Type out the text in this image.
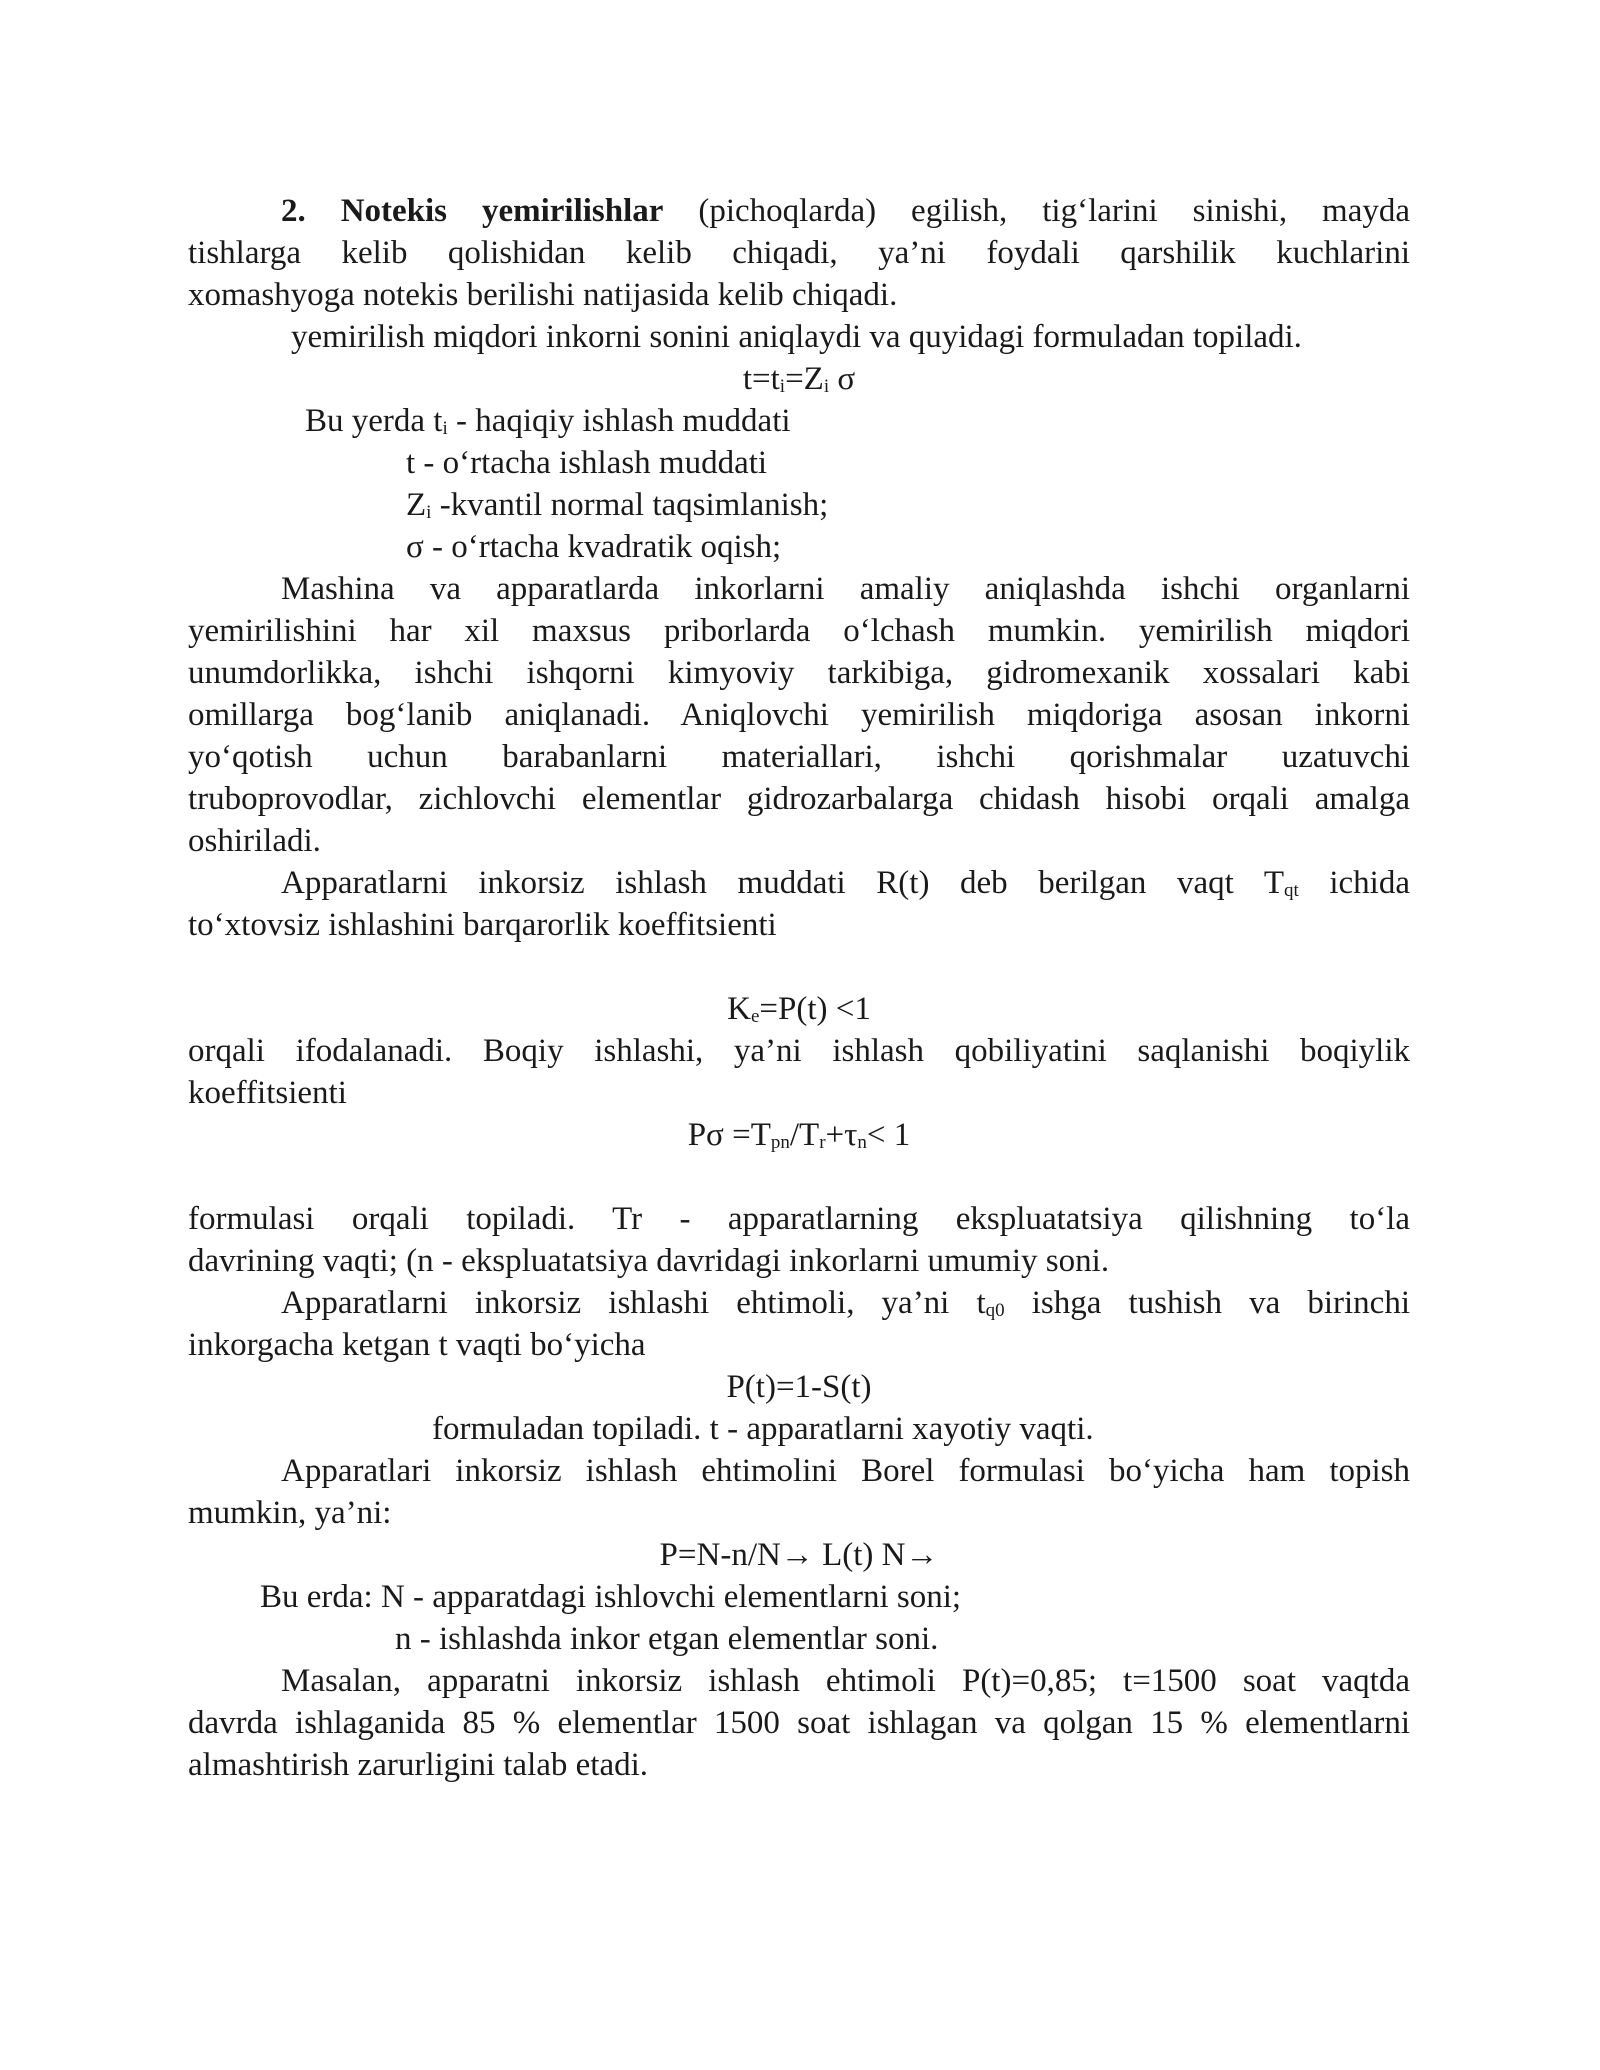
2. Notekis yemirilishlar (pichoqlarda) egilish, tig‘larini sinishi, mayda
tishlarga kelib qolishidan kelib chiqadi, ya’ni foydali qarshilik kuchlarini
xomashyoga notekis berilishi natijasida kelib chiqadi.
yemirilish miqdori inkorni sonini aniqlaydi va quyidagi formuladan topiladi.
$t=t_i=Z_i$ σ
Bu yerda $t_i$ - haqiqiy ishlash muddati
t - o‘rtacha ishlash muddati
$Z_i$ -kvantil normal taqsimlanish;
σ - o‘rtacha kvadratik oqish;
Mashina va apparatlarda inkorlarni amaliy aniqlashda ishchi organlarni
yemirilishini har xil maxsus priborlarda o‘lchash mumkin. yemirilish miqdori
unumdorlikka, ishchi ishqorni kimyoviy tarkibiga, gidromexanik xossalari kabi
omillarga bog‘lanib aniqlanadi. Aniqlovchi yemirilish miqdoriga asosan inkorni
yo‘qotish uchun barabanlarni materiallari, ishchi qorishmalar uzatuvchi
truboprovodlar, zichlovchi elementlar gidrozarbalarga chidash hisobi orqali amalga
oshiriladi.
Apparatlarni inkorsiz ishlash muddati R(t) deb berilgan vaqt $T_{qt}$ ichida
to‘xtovsiz ishlashini barqarorlik koeffitsienti
$K_e=P(t) <1$
orqali ifodalanadi. Boqiy ishlashi, ya’ni ishlash qobiliyatini saqlanishi boqiylik
koeffitsienti
$P\sigma =T_{pn}/T_r+\tau_n< 1$
formulasi orqali topiladi. Tr - apparatlarning ekspluatatsiya qilishning to‘la
davrining vaqti; (n - ekspluatatsiya davridagi inkorlarni umumiy soni.
Apparatlarni inkorsiz ishlashi ehtimoli, ya’ni $t_{q0}$ ishga tushish va birinchi
inkorgacha ketgan t vaqti bo‘yicha
P(t)=1-S(t)
formuladan topiladi. t - apparatlarni xayotiy vaqti.
Apparatlari inkorsiz ishlash ehtimolini Borel formulasi bo‘yicha ham topish
mumkin, ya’ni:
P=N-n/N→ L(t) N→
Bu erda: N - apparatdagi ishlovchi elementlarni soni;
n - ishlashda inkor etgan elementlar soni.
Masalan, apparatni inkorsiz ishlash ehtimoli P(t)=0,85; t=1500 soat vaqtda
davrda ishlaganida 85 % elementlar 1500 soat ishlagan va qolgan 15 % elementlarni
almashtirish zarurligini talab etadi.
